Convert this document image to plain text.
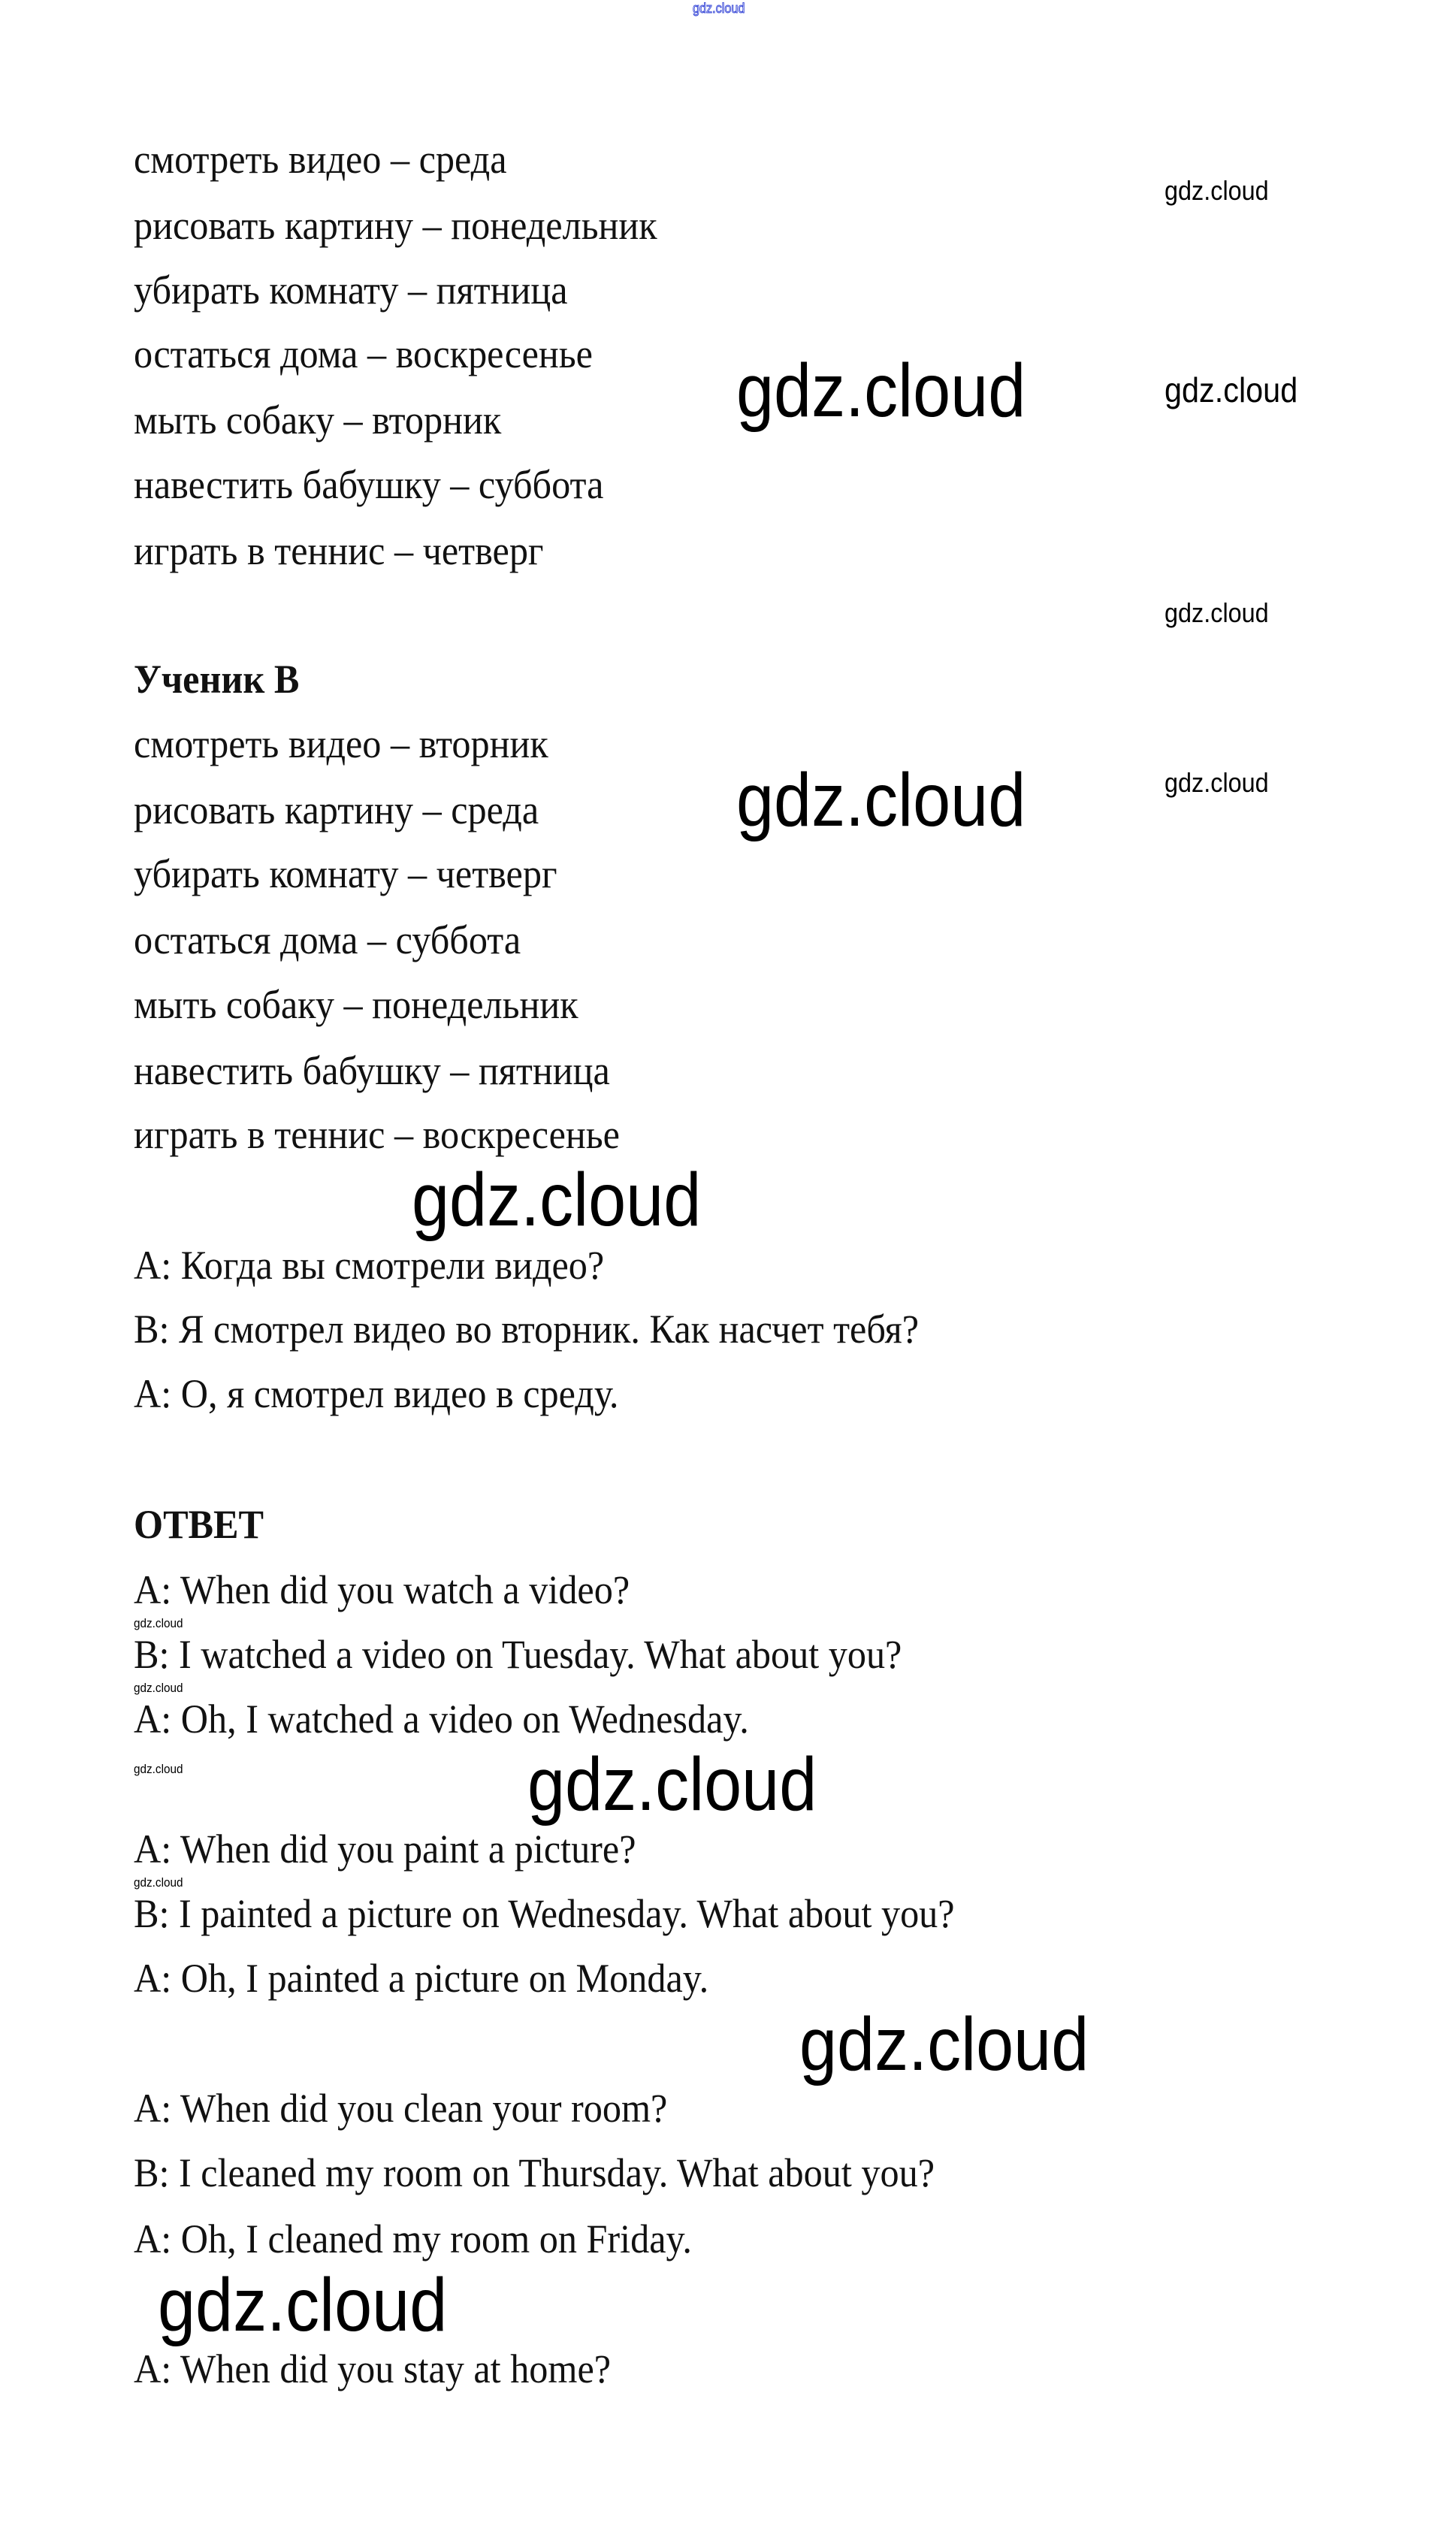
смотреть видео – среда
рисовать картину – понедельник
убирать комнату – пятница
остаться дома – воскресенье
мыть собаку – вторник
навестить бабушку – суббота
играть в теннис – четверг
Ученик В
смотреть видео – вторник
рисовать картину – среда
убирать комнату – четверг
остаться дома – суббота
мыть собаку – понедельник
навестить бабушку – пятница
играть в теннис – воскресенье
А: Когда вы смотрели видео?
В: Я смотрел видео во вторник. Как насчет тебя?
А: О, я смотрел видео в среду.
ОТВЕТ
A: When did you watch a video?
B: I watched a video on Tuesday. What about you?
A: Oh, I watched a video on Wednesday.
A: When did you paint a picture?
B: I painted a picture on Wednesday. What about you?
A: Oh, I painted a picture on Monday.
A: When did you clean your room?
B: I cleaned my room on Thursday. What about you?
A: Oh, I cleaned my room on Friday.
A: When did you stay at home?
gdz.cloud
gdz.cloud
gdz.cloud
gdz.cloud
gdz.cloud
gdz.cloud
gdz.cloud
gdz.cloud
gdz.cloud
gdz.cloud
gdz.cloud
gdz.cloud
gdz.cloud
gdz.cloud
gdz.cloud
